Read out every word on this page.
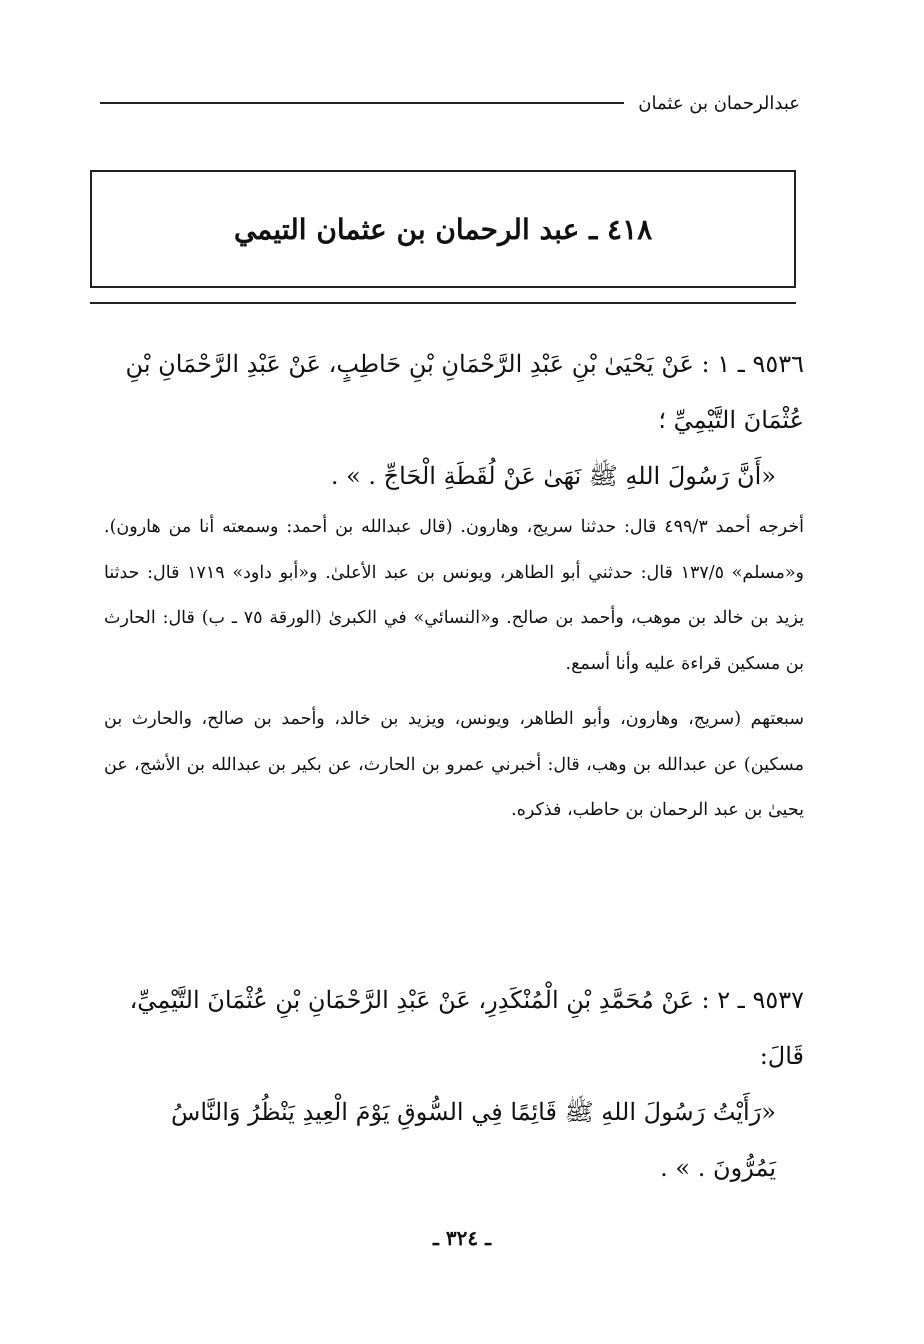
عبدالرحمان بن عثمان
٤١٨ ـ عبد الرحمان بن عثمان التيمي

٩٥٣٦ ـ ١ : عَنْ يَحْيَىٰ بْنِ عَبْدِ الرَّحْمَانِ بْنِ حَاطِبٍ، عَنْ عَبْدِ الرَّحْمَانِ بْنِ عُثْمَانَ التَّيْمِيِّ ؛

«أَنَّ رَسُولَ اللهِ ﷺ نَهَىٰ عَنْ لُقَطَةِ الْحَاجِّ . » .

أخرجه أحمد ٤٩٩/٣ قال: حدثنا سريج، وهارون. (قال عبدالله بن أحمد: وسمعته أنا من هارون). و«مسلم» ١٣٧/٥ قال: حدثني أبو الطاهر، ويونس بن عبد الأعلىٰ. و«أبو داود» ١٧١٩ قال: حدثنا يزيد بن خالد بن موهب، وأحمد بن صالح. و«النسائي» في الكبرىٰ (الورقة ٧٥ ـ ب) قال: الحارث بن مسكين قراءة عليه وأنا أسمع.

سبعتهم (سريج، وهارون، وأبو الطاهر، ويونس، ويزيد بن خالد، وأحمد بن صالح، والحارث بن مسكين) عن عبدالله بن وهب، قال: أخبرني عمرو بن الحارث، عن بكير بن عبدالله بن الأشج، عن يحيىٰ بن عبد الرحمان بن حاطب، فذكره.

٩٥٣٧ ـ ٢ : عَنْ مُحَمَّدِ بْنِ الْمُنْكَدِرِ، عَنْ عَبْدِ الرَّحْمَانِ بْنِ عُثْمَانَ التَّيْمِيِّ، قَالَ:

«رَأَيْتُ رَسُولَ اللهِ ﷺ قَائِمًا فِي السُّوقِ يَوْمَ الْعِيدِ يَنْظُرُ وَالنَّاسُ يَمُرُّونَ . » .

ـ ٣٢٤ ـ
